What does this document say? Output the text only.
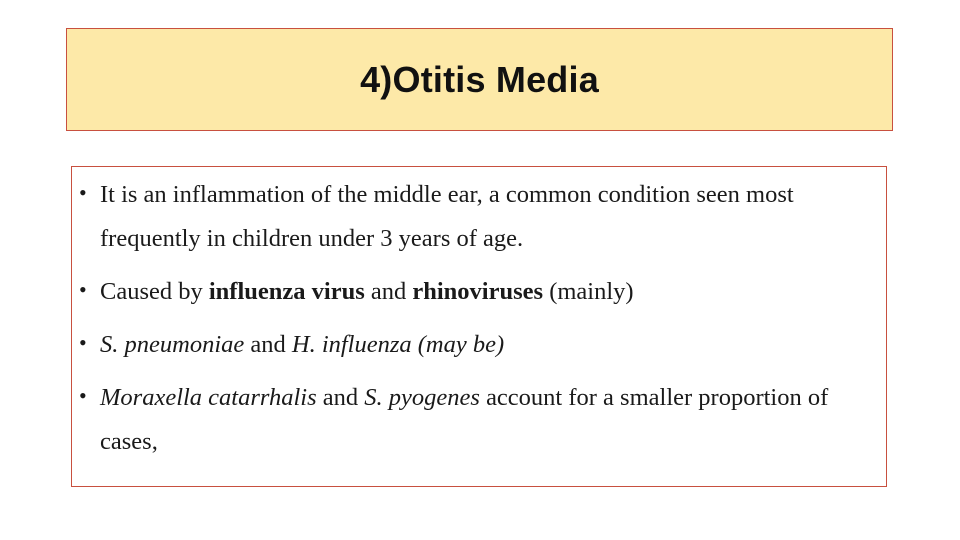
4)Otitis Media
• It is an inflammation of the middle ear, a common condition seen most frequently in children under 3 years of age.
• Caused by influenza virus and rhinoviruses (mainly)
• S. pneumoniae and H. influenza (may be)
• Moraxella catarrhalis and S. pyogenes account for a smaller proportion of cases,
